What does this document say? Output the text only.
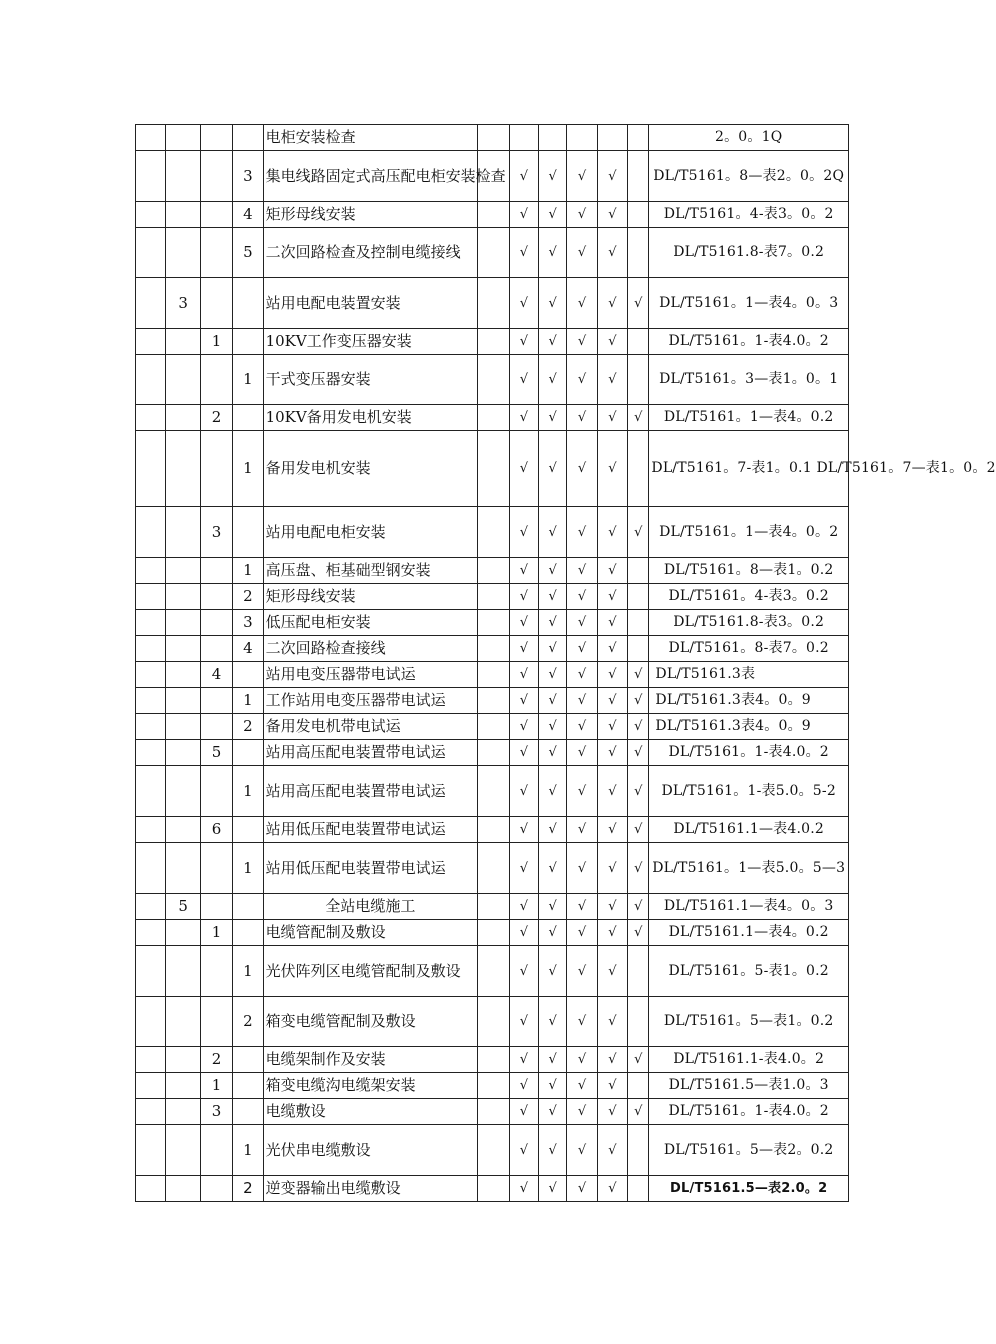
				电柜安装检查							2。0。1Q
			3	集电线路固定式高压配电柜安装检查		√	√	√	√		DL/T5161。8—表2。0。2Q
			4	矩形母线安装		√	√	√	√		DL/T5161。4-表3。0。2
			5	二次回路检查及控制电缆接线		√	√	√	√		DL/T5161.8-表7。0.2
	3			站用电配电装置安装		√	√	√	√	√	DL/T5161。1—表4。0。3
		1		10KV工作变压器安装		√	√	√	√		DL/T5161。1-表4.0。2
			1	干式变压器安装		√	√	√	√		DL/T5161。3—表1。0。1
		2		10KV备用发电机安装		√	√	√	√	√	DL/T5161。1—表4。0.2
			1	备用发电机安装		√	√	√	√		DL/T5161。7-表1。0.1 DL/T5161。7—表1。0。2
		3		站用电配电柜安装		√	√	√	√	√	DL/T5161。1—表4。0。2
			1	高压盘、柜基础型钢安装		√	√	√	√		DL/T5161。8—表1。0.2
			2	矩形母线安装		√	√	√	√		DL/T5161。4-表3。0.2
			3	低压配电柜安装		√	√	√	√		DL/T5161.8-表3。0.2
			4	二次回路检查接线		√	√	√	√		DL/T5161。8-表7。0.2
		4		站用电变压器带电试运		√	√	√	√	√	DL/T5161.3表
			1	工作站用电变压器带电试运		√	√	√	√	√	DL/T5161.3表4。0。9
			2	备用发电机带电试运		√	√	√	√	√	DL/T5161.3表4。0。9
		5		站用高压配电装置带电试运		√	√	√	√	√	DL/T5161。1-表4.0。2
			1	站用高压配电装置带电试运		√	√	√	√	√	DL/T5161。1-表5.0。5-2
		6		站用低压配电装置带电试运		√	√	√	√	√	DL/T5161.1—表4.0.2
			1	站用低压配电装置带电试运		√	√	√	√	√	DL/T5161。1—表5.0。5—3
	5			全站电缆施工		√	√	√	√	√	DL/T5161.1—表4。0。3
		1		电缆管配制及敷设		√	√	√	√	√	DL/T5161.1—表4。0.2
			1	光伏阵列区电缆管配制及敷设		√	√	√	√		DL/T5161。5-表1。0.2
			2	箱变电缆管配制及敷设		√	√	√	√		DL/T5161。5—表1。0.2
		2		电缆架制作及安装		√	√	√	√	√	DL/T5161.1-表4.0。2
		1		箱变电缆沟电缆架安装		√	√	√	√		DL/T5161.5—表1.0。3
		3		电缆敷设		√	√	√	√	√	DL/T5161。1-表4.0。2
			1	光伏串电缆敷设		√	√	√	√		DL/T5161。5—表2。0.2
			2	逆变器输出电缆敷设		√	√	√	√		DL/T5161.5—表2.0。2
